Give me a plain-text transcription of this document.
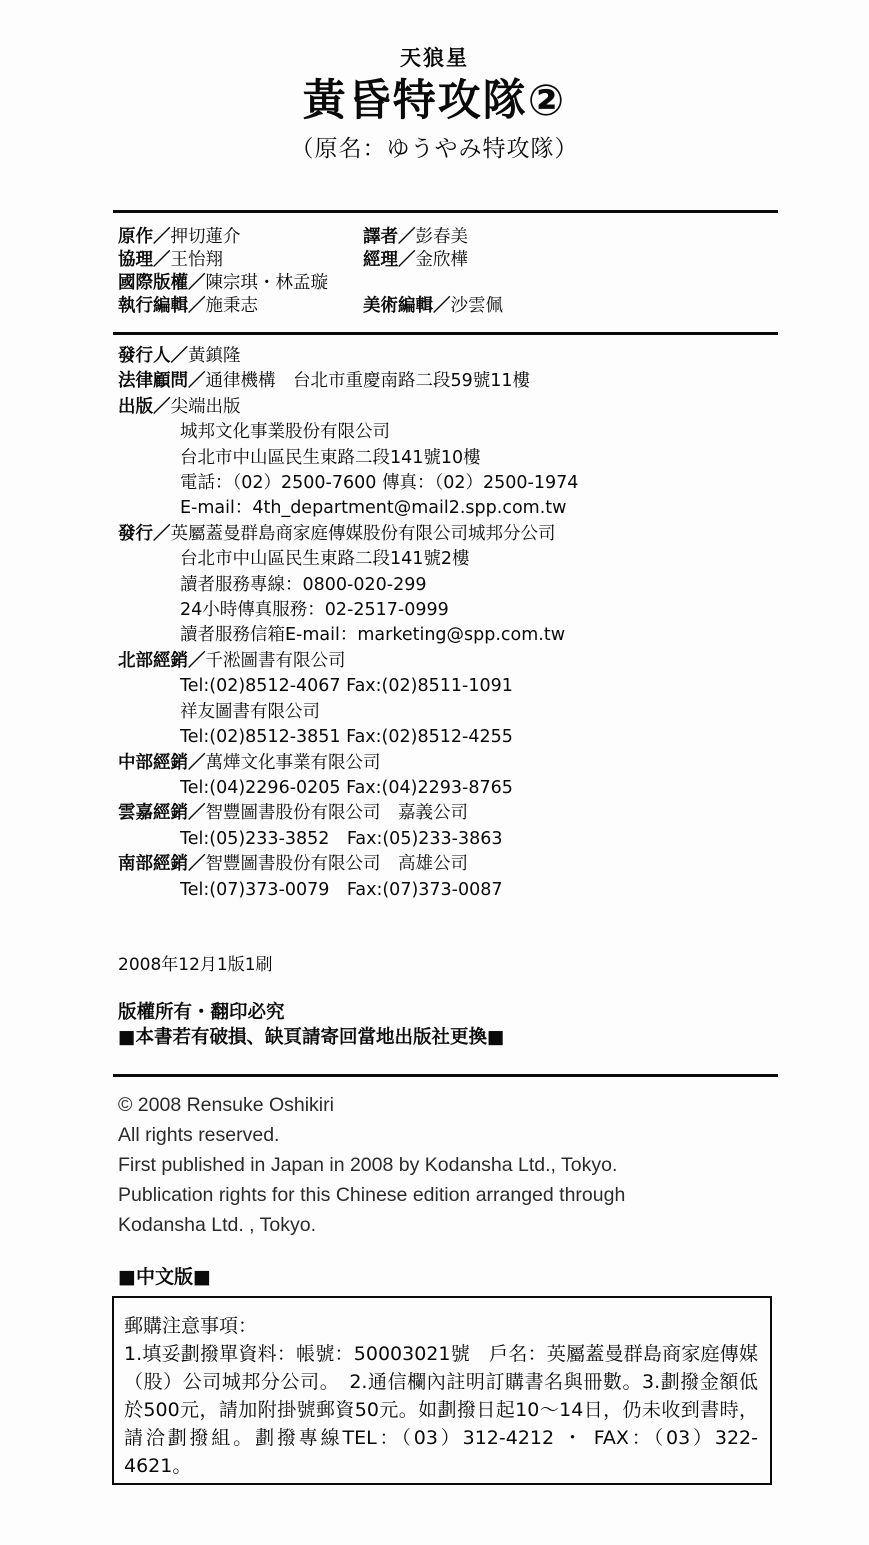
天狼星
黃昏特攻隊②
（原名：ゆうやみ特攻隊）
原作／押切蓮介	譯者／彭春美
協理／王怡翔	經理／金欣樺
國際版權／陳宗琪・林孟璇
執行編輯／施秉志	美術編輯／沙雲佩
發行人／黃鎮隆
法律顧問／通律機構　台北市重慶南路二段59號11樓
出版／尖端出版
城邦文化事業股份有限公司
台北市中山區民生東路二段141號10樓
電話：（02）2500-7600 傳真：（02）2500-1974
E-mail：4th_department@mail2.spp.com.tw
發行／英屬蓋曼群島商家庭傳媒股份有限公司城邦分公司
台北市中山區民生東路二段141號2樓
讀者服務專線：0800-020-299
24小時傳真服務：02-2517-0999
讀者服務信箱E-mail：marketing@spp.com.tw
北部經銷／千淞圖書有限公司
Tel:(02)8512-4067 Fax:(02)8511-1091
祥友圖書有限公司
Tel:(02)8512-3851 Fax:(02)8512-4255
中部經銷／萬燁文化事業有限公司
Tel:(04)2296-0205 Fax:(04)2293-8765
雲嘉經銷／智豐圖書股份有限公司　嘉義公司
Tel:(05)233-3852　Fax:(05)233-3863
南部經銷／智豐圖書股份有限公司　高雄公司
Tel:(07)373-0079　Fax:(07)373-0087
2008年12月1版1刷
版權所有・翻印必究
■本書若有破損、缺頁請寄回當地出版社更換■
© 2008 Rensuke Oshikiri
All rights reserved.
First published in Japan in 2008 by Kodansha Ltd., Tokyo.
Publication rights for this Chinese edition arranged through
Kodansha Ltd. , Tokyo.
■中文版■
郵購注意事項：
1.填妥劃撥單資料：帳號：50003021號　戶名：英屬蓋曼群島商家庭傳媒（股）公司城邦分公司。　2.通信欄內註明訂購書名與冊數。3.劃撥金額低於500元，請加附掛號郵資50元。如劃撥日起10～14日，仍未收到書時，請洽劃撥組。劃撥專線TEL：（03）312-4212 ・ FAX：（03）322-4621。
